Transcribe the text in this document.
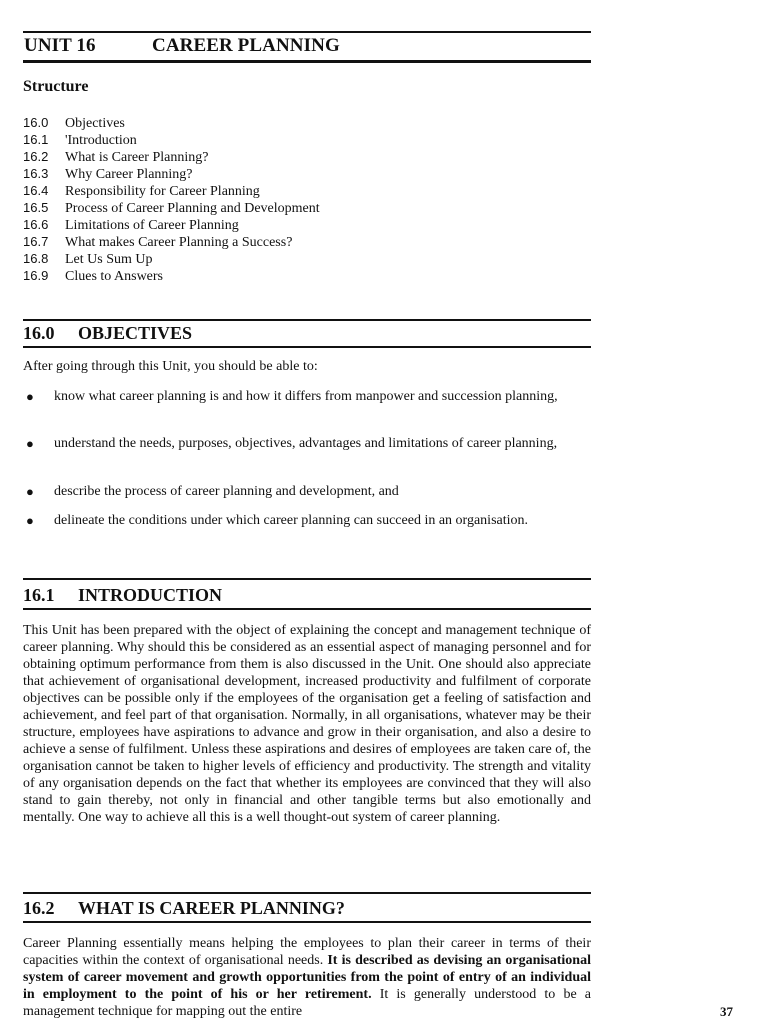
UNIT 16	CAREER PLANNING
Structure
16.0 Objectives
16.1 'Introduction
16.2 What is Career Planning?
16.3 Why Career Planning?
16.4 Responsibility for Career Planning
16.5 Process of Career Planning and Development
16.6 Limitations of Career Planning
16.7 What makes Career Planning a Success?
16.8 Let Us Sum Up
16.9 Clues to Answers
16.0 OBJECTIVES

After going through this Unit, you should be able to:

● know what career planning is and how it differs from manpower and succession planning,
● understand the needs, purposes, objectives, advantages and limitations of career planning,
● describe the process of career planning and development, and
● delineate the conditions under which career planning can succeed in an organisation.
16.1 INTRODUCTION

This Unit has been prepared with the object of explaining the concept and management technique of career planning. Why should this be considered as an essential aspect of managing personnel and for obtaining optimum performance from them is also discussed in the Unit. One should also appreciate that achievement of organisational development, increased productivity and fulfilment of corporate objectives can be possible only if the employees of the organisation get a feeling of satisfaction and achievement, and feel part of that organisation. Normally, in all organisations, whatever may be their structure, employees have aspirations to advance and grow in their organisation, and also a desire to achieve a sense of fulfilment. Unless these aspirations and desires of employees are taken care of, the organisation cannot be taken to higher levels of efficiency and productivity. The strength and vitality of any organisation depends on the fact that whether its employees are convinced that they will also stand to gain thereby, not only in financial and other tangible terms but also emotionally and mentally. One way to achieve all this is a well thought-out system of career planning.

16.2 WHAT IS CAREER PLANNING?

Career Planning essentially means helping the employees to plan their career in terms of their capacities within the context of organisational needs. It is described as devising an organisational system of career movement and growth opportunities from the point of entry of an individual in employment to the point of his or her retirement. It is generally understood to be a management technique for mapping out the entire	37
